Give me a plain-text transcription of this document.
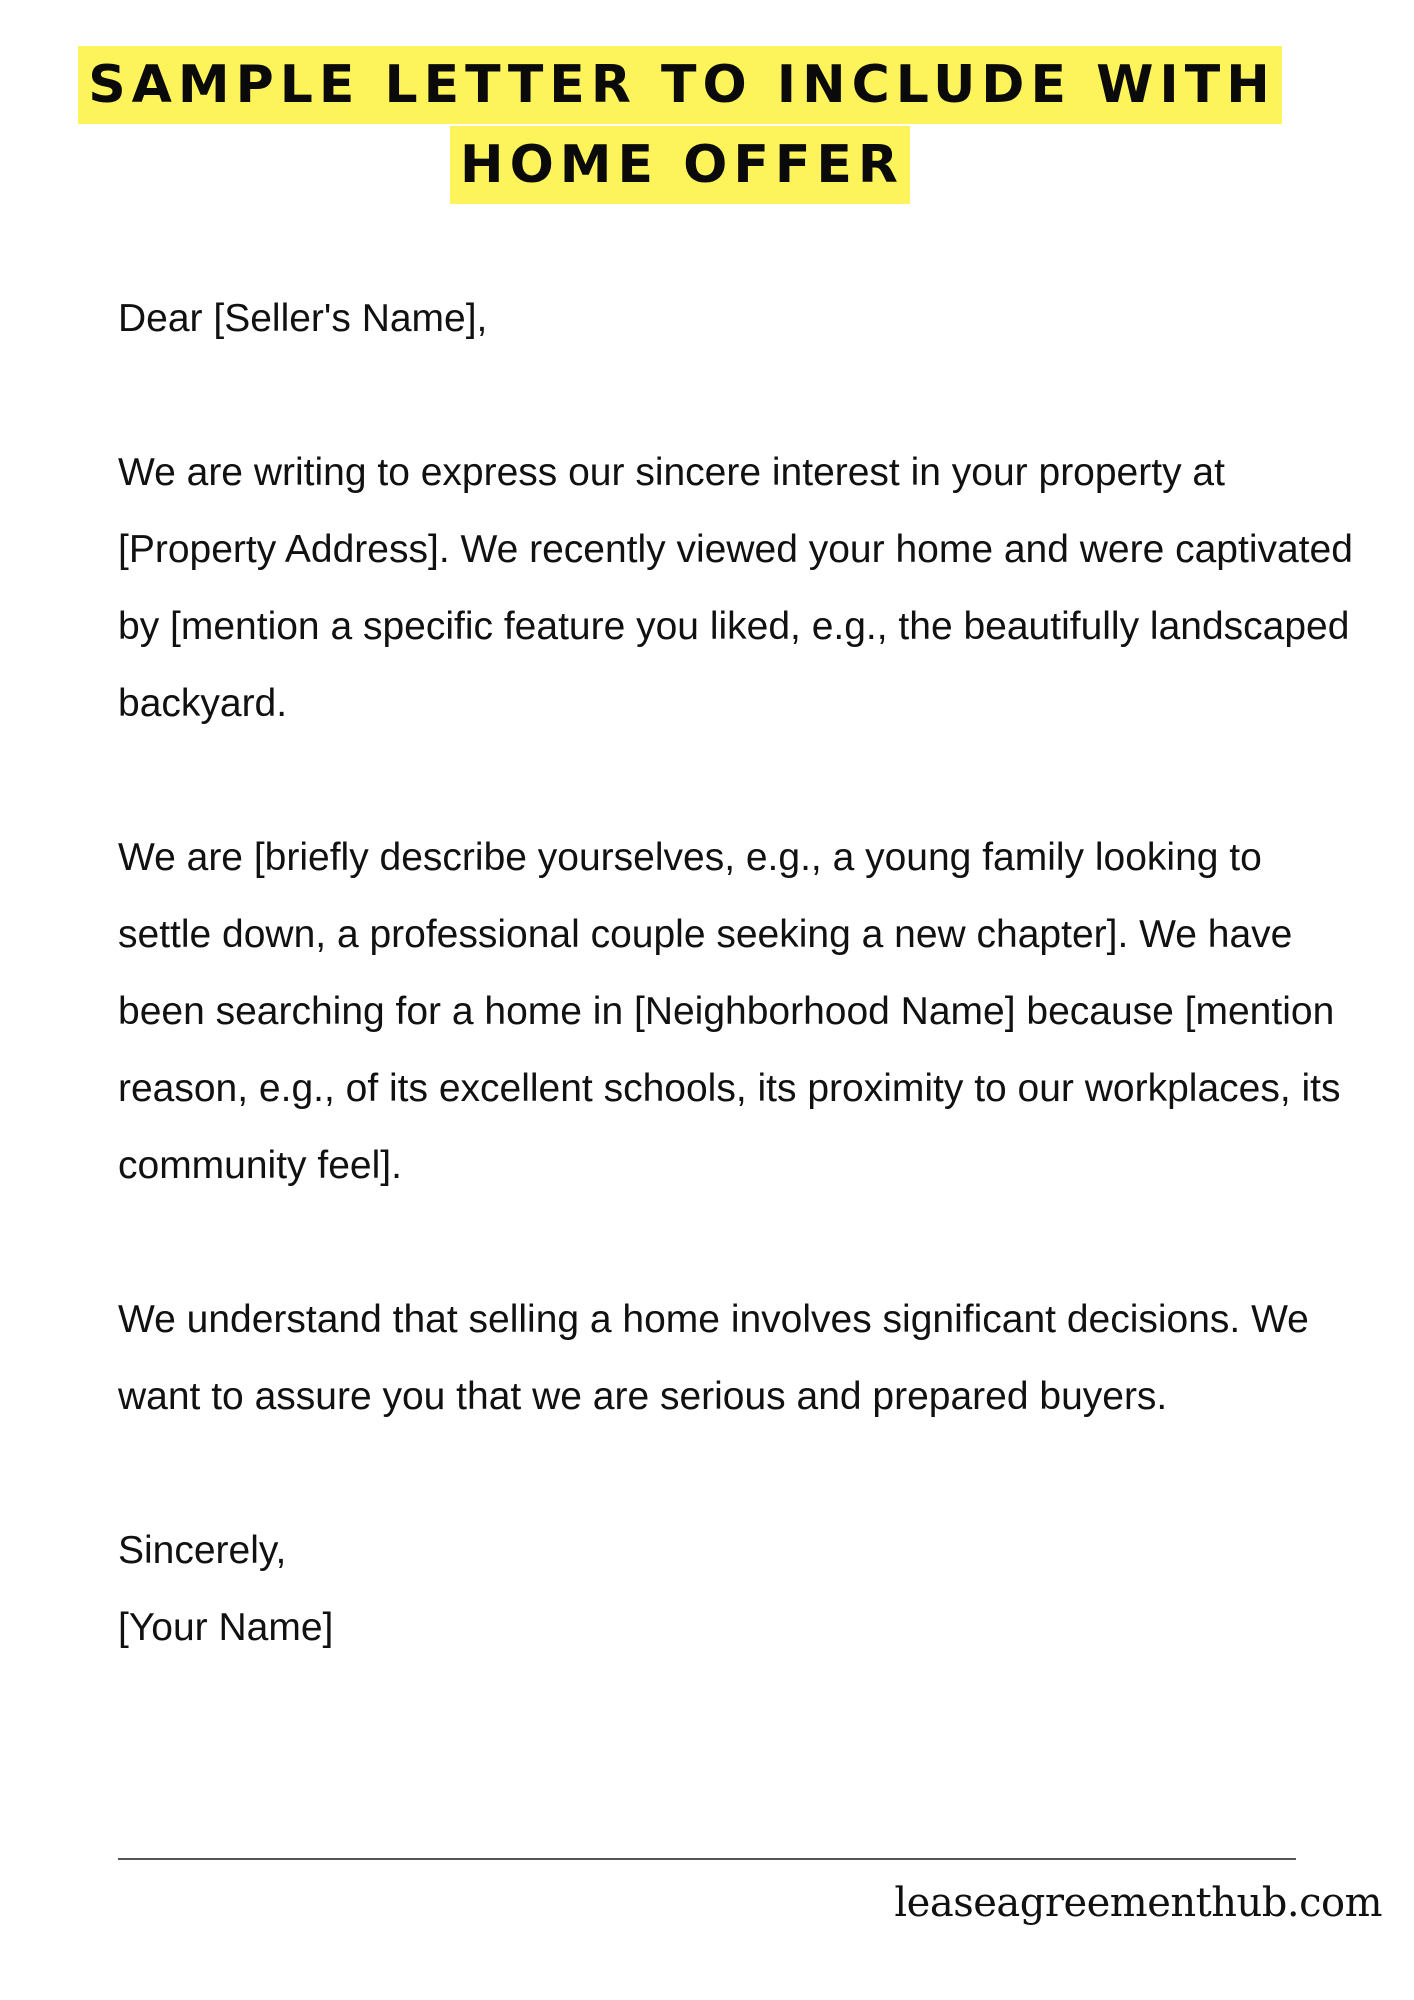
SAMPLE LETTER TO INCLUDE WITH
HOME OFFER

Dear [Seller's Name],

We are writing to express our sincere interest in your property at [Property Address]. We recently viewed your home and were captivated by [mention a specific feature you liked, e.g., the beautifully landscaped backyard.

We are [briefly describe yourselves, e.g., a young family looking to settle down, a professional couple seeking a new chapter]. We have been searching for a home in [Neighborhood Name] because [mention reason, e.g., of its excellent schools, its proximity to our workplaces, its community feel].

We understand that selling a home involves significant decisions. We want to assure you that we are serious and prepared buyers.

Sincerely,
[Your Name]

leaseagreementhub.com
